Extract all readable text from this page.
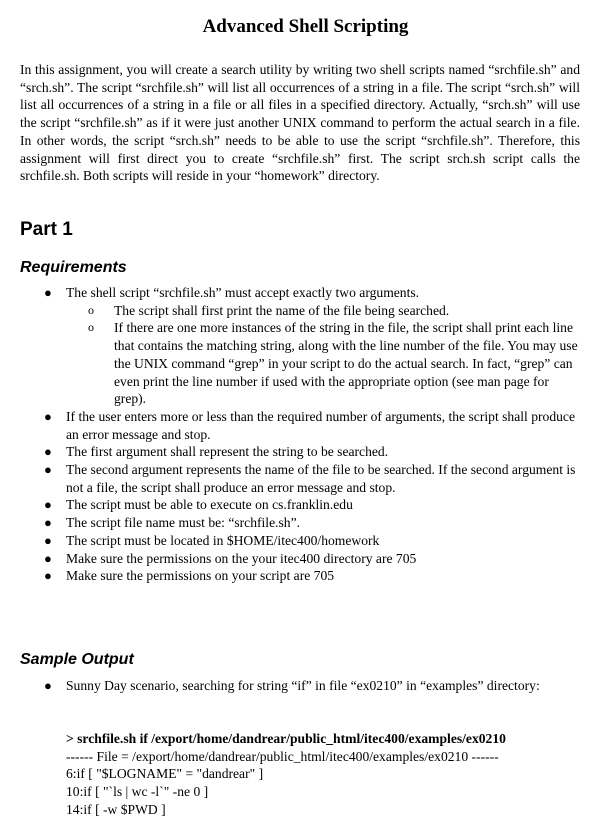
Advanced Shell Scripting

In this assignment, you will create a search utility by writing two shell scripts named “srchfile.sh” and “srch.sh”. The script “srchfile.sh” will list all occurrences of a string in a file. The script “srch.sh” will list all occurrences of a string in a file or all files in a specified directory. Actually, “srch.sh” will use the script “srchfile.sh” as if it were just another UNIX command to perform the actual search in a file. In other words, the script “srch.sh” needs to be able to use the script “srchfile.sh”. Therefore, this assignment will first direct you to create “srchfile.sh” first. The script srch.sh script calls the srchfile.sh. Both scripts will reside in your “homework” directory.

Part 1
Requirements
● The shell script “srchfile.sh” must accept exactly two arguments.
o The script shall first print the name of the file being searched.
o If there are one more instances of the string in the file, the script shall print each line that contains the matching string, along with the line number of the file. You may use the UNIX command “grep” in your script to do the actual search. In fact, “grep” can even print the line number if used with the appropriate option (see man page for grep).
● If the user enters more or less than the required number of arguments, the script shall produce an error message and stop.
● The first argument shall represent the string to be searched.
● The second argument represents the name of the file to be searched. If the second argument is not a file, the script shall produce an error message and stop.
● The script must be able to execute on cs.franklin.edu
● The script file name must be: “srchfile.sh”.
● The script must be located in $HOME/itec400/homework
● Make sure the permissions on the your itec400 directory are 705
● Make sure the permissions on your script are 705
Sample Output
● Sunny Day scenario, searching for string “if” in file “ex0210” in “examples” directory:
> srchfile.sh if /export/home/dandrear/public_html/itec400/examples/ex0210
------ File = /export/home/dandrear/public_html/itec400/examples/ex0210 ------
6:if [ "$LOGNAME" = "dandrear" ]
10:if [ "`ls | wc -l`" -ne 0 ]
14:if [ -w $PWD ]
